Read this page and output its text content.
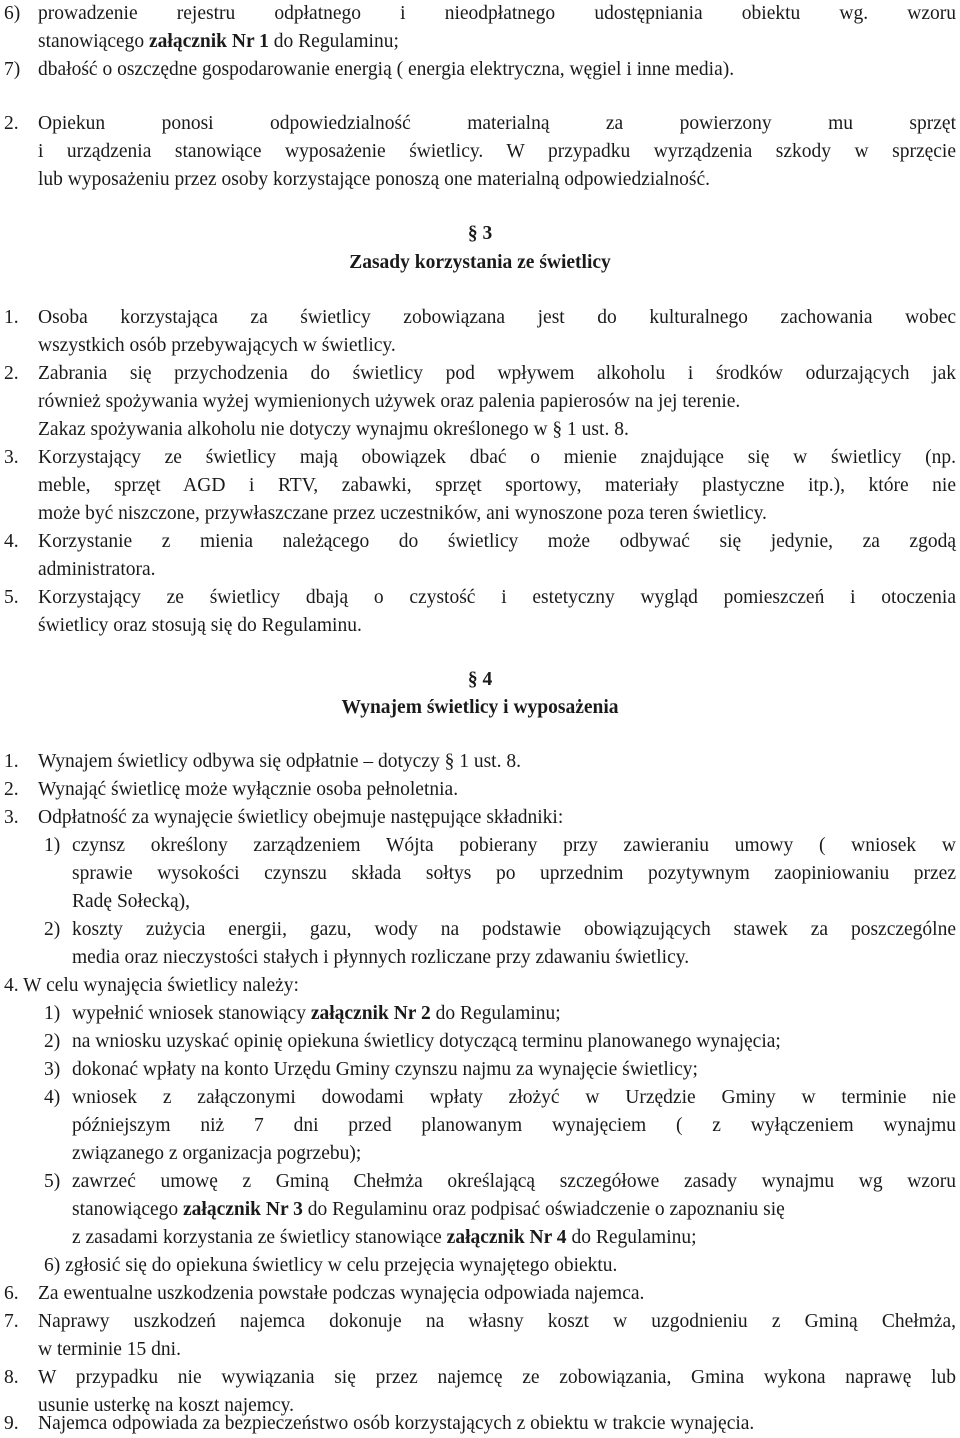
6) prowadzenie rejestru odpłatnego i nieodpłatnego udostępniania obiektu wg. wzoru
stanowiącego załącznik Nr 1 do Regulaminu;
7) dbałość o oszczędne gospodarowanie energią ( energia elektryczna, węgiel i inne media).
2. Opiekun ponosi odpowiedzialność materialną za powierzony mu sprzęt
i urządzenia stanowiące wyposażenie świetlicy. W przypadku wyrządzenia szkody w sprzęcie
lub wyposażeniu przez osoby korzystające ponoszą one materialną odpowiedzialność.
§ 3
Zasady korzystania ze świetlicy
1. Osoba korzystająca za świetlicy zobowiązana jest do kulturalnego zachowania wobec
wszystkich osób przebywających w świetlicy.
2. Zabrania się przychodzenia do świetlicy pod wpływem alkoholu i środków odurzających jak
również spożywania wyżej wymienionych używek oraz palenia papierosów na jej terenie.
Zakaz spożywania alkoholu nie dotyczy wynajmu określonego w § 1 ust. 8.
3. Korzystający ze świetlicy mają obowiązek dbać o mienie znajdujące się w świetlicy (np.
meble, sprzęt AGD i RTV, zabawki, sprzęt sportowy, materiały plastyczne itp.), które nie
może być niszczone, przywłaszczane przez uczestników, ani wynoszone poza teren świetlicy.
4. Korzystanie z mienia należącego do świetlicy może odbywać się jedynie, za zgodą
administratora.
5. Korzystający ze świetlicy dbają o czystość i estetyczny wygląd pomieszczeń i otoczenia
świetlicy oraz stosują się do Regulaminu.
§ 4
Wynajem świetlicy i wyposażenia
1. Wynajem świetlicy odbywa się odpłatnie – dotyczy § 1 ust. 8.
2. Wynająć świetlicę może wyłącznie osoba pełnoletnia.
3. Odpłatność za wynajęcie świetlicy obejmuje następujące składniki:
1) czynsz określony zarządzeniem Wójta pobierany przy zawieraniu umowy ( wniosek w
sprawie wysokości czynszu składa sołtys po uprzednim pozytywnym zaopiniowaniu przez
Radę Sołecką),
2) koszty zużycia energii, gazu, wody na podstawie obowiązujących stawek za poszczególne
media oraz nieczystości stałych i płynnych rozliczane przy zdawaniu świetlicy.
4. W celu wynajęcia świetlicy należy:
1) wypełnić wniosek stanowiący załącznik Nr 2 do Regulaminu;
2) na wniosku uzyskać opinię opiekuna świetlicy dotyczącą terminu planowanego wynajęcia;
3) dokonać wpłaty na konto Urzędu Gminy czynszu najmu za wynajęcie świetlicy;
4) wniosek z załączonymi dowodami wpłaty złożyć w Urzędzie Gminy w terminie nie
późniejszym niż 7 dni przed planowanym wynajęciem ( z wyłączeniem wynajmu
związanego z organizacja pogrzebu);
5) zawrzeć umowę z Gminą Chełmża określającą szczegółowe zasady wynajmu wg wzoru
stanowiącego załącznik Nr 3 do Regulaminu oraz podpisać oświadczenie o zapoznaniu się
z zasadami korzystania ze świetlicy stanowiące załącznik Nr 4 do Regulaminu;
6) zgłosić się do opiekuna świetlicy w celu przejęcia wynajętego obiektu.
6. Za ewentualne uszkodzenia powstałe podczas wynajęcia odpowiada najemca.
7. Naprawy uszkodzeń najemca dokonuje na własny koszt w uzgodnieniu z Gminą Chełmża,
w terminie 15 dni.
8. W przypadku nie wywiązania się przez najemcę ze zobowiązania, Gmina wykona naprawę lub
usunie usterkę na koszt najemcy.
9. Najemca odpowiada za bezpieczeństwo osób korzystających z obiektu w trakcie wynajęcia.
